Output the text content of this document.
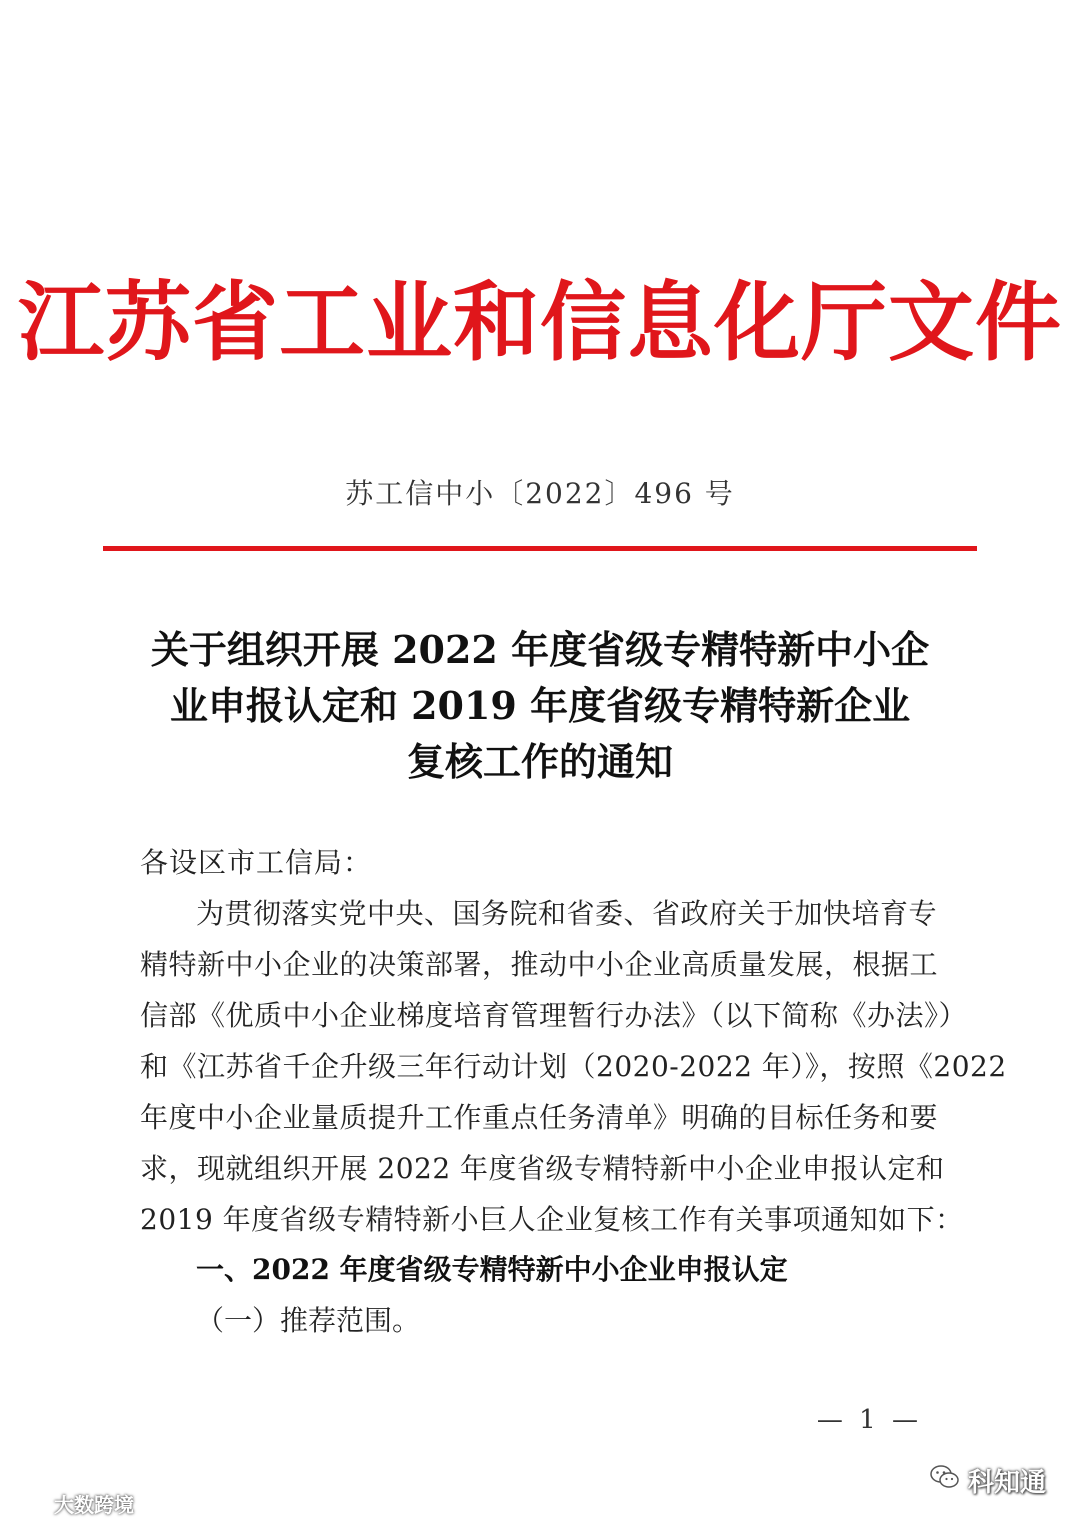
江苏省工业和信息化厅文件
苏工信中小〔2022〕496 号
关于组织开展 2022 年度省级专精特新中小企
业申报认定和 2019 年度省级专精特新企业
复核工作的通知
各设区市工信局：
为贯彻落实党中央、国务院和省委、省政府关于加快培育专
精特新中小企业的决策部署，推动中小企业高质量发展，根据工
信部《优质中小企业梯度培育管理暂行办法》（以下简称《办法》）
和《江苏省千企升级三年行动计划（2020-2022 年）》，按照《2022
年度中小企业量质提升工作重点任务清单》明确的目标任务和要
求，现就组织开展 2022 年度省级专精特新中小企业申报认定和
2019 年度省级专精特新小巨人企业复核工作有关事项通知如下：
一、2022 年度省级专精特新中小企业申报认定
（一）推荐范围。
— 1 —
科知通
大数跨境
